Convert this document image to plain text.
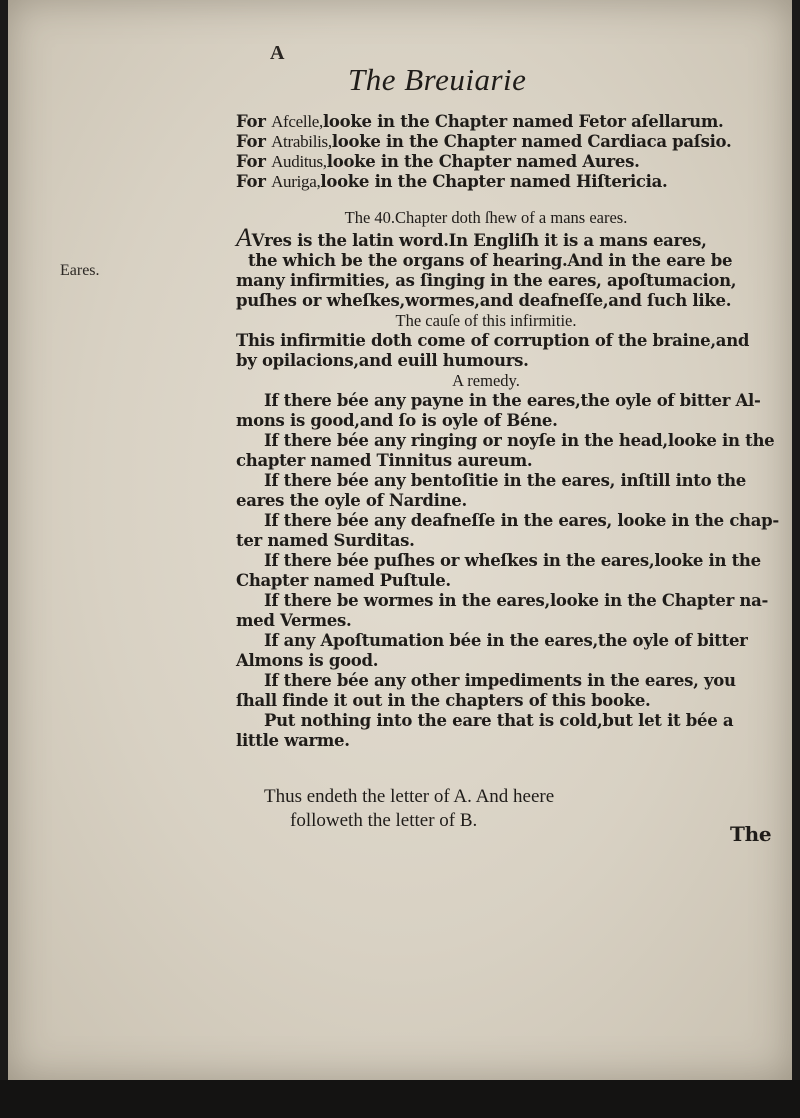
A
The Breuiarie
Eares.
For Afcelle,looke in the Chapter named Fetor aſellarum.
For Atrabilis,looke in the Chapter named Cardiaca paſsio.
For Auditus,looke in the Chapter named Aures.
For Auriga,looke in the Chapter named Hiſtericia.
The 40.Chapter doth ſhew of a mans eares.
AVres is the latin word.In Engliſh it is a mans eares,
the which be the organs of hearing.And in the eare be
many infirmities, as ſinging in the eares, apoſtumacion,
puſhes or wheſkes,wormes,and deafneſſe,and ſuch like.
The cauſe of this infirmitie.
This infirmitie doth come of corruption of the braine,and
by opilacions,and euill humours.
A remedy.
If there bée any payne in the eares,the oyle of bitter Al-
mons is good,and ſo is oyle of Béne.
If there bée any ringing or noyſe in the head,looke in the
chapter named Tinnitus aureum.
If there bée any bentoſitie in the eares, inſtill into the
eares the oyle of Nardine.
If there bée any deafneſſe in the eares, looke in the chap-
ter named Surditas.
If there bée puſhes or wheſkes in the eares,looke in the
Chapter named Puſtule.
If there be wormes in the eares,looke in the Chapter na-
med Vermes.
If any Apoſtumation bée in the eares,the oyle of bitter
Almons is good.
If there bée any other impediments in the eares, you
ſhall finde it out in the chapters of this booke.
Put nothing into the eare that is cold,but let it bée a
little warme.
Thus endeth the letter of A. And heere
followeth the letter of B.
The
